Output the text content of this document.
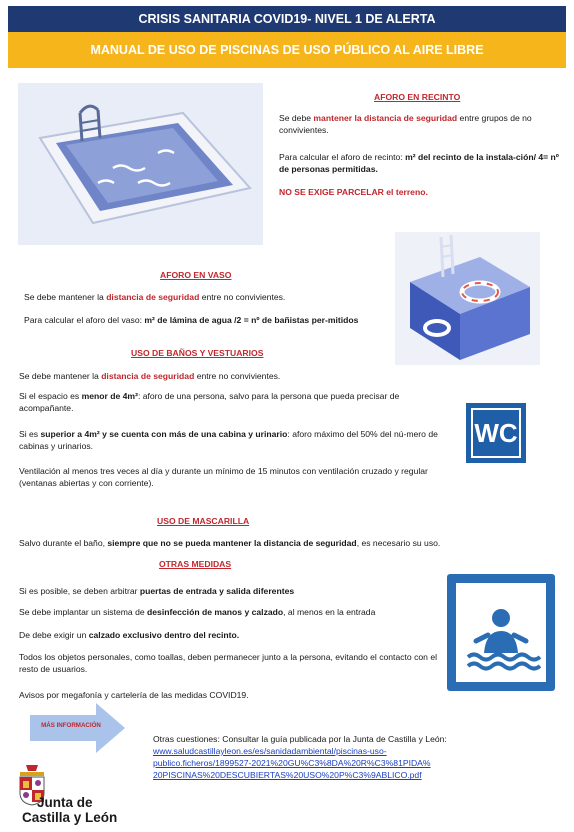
CRISIS SANITARIA COVID19- NIVEL 1 DE ALERTA
MANUAL DE USO DE PISCINAS DE USO PÚBLICO AL AIRE LIBRE
AFORO EN RECINTO

Se debe mantener la distancia de seguridad entre grupos de no convivientes.

Para calcular el aforo de recinto: m² del recinto de la instala-ción/ 4= nº de personas permitidas.

NO SE EXIGE PARCELAR el terreno.

AFORO EN VASO

Se debe mantener la distancia de seguridad entre no convivientes.

Para calcular el aforo del vaso: m² de lámina de agua /2 = nº de bañistas per-mitidos

USO DE BAÑOS Y VESTUARIOS

Se debe mantener la distancia de seguridad entre no convivientes.

Si el espacio es menor de 4m²: aforo de una persona, salvo para la persona que pueda precisar de acompañante.

Si es superior a 4m² y se cuenta con más de una cabina y urinario: aforo máximo del 50% del nú-mero de cabinas y urinarios.

Ventilación al menos tres veces al día y durante un mínimo de 15 minutos con ventilación cruzado y regular (ventanas abiertas y con corriente).

WC
USO DE MASCARILLA

Salvo durante el baño, siempre que no se pueda mantener la distancia de seguridad, es necesario su uso.

OTRAS MEDIDAS

Si es posible, se deben arbitrar puertas de entrada y salida diferentes

Se debe implantar un sistema de desinfección de manos y calzado, al menos en la entrada

De debe exigir un calzado exclusivo dentro del recinto.

Todos los objetos personales, como toallas, deben permanecer junto a la persona, evitando el contacto con el resto de usuarios.

Avisos por megafonía y cartelería de las medidas COVID19.

MÁS INFORMACIÓN

Otras cuestiones: Consultar la guía publicada por la Junta de Castilla y León:

www.saludcastillayleon.es/es/sanidadambiental/piscinas-uso-
publico.ficheros/1899527-2021%20GU%C3%8DA%20R%C3%81PIDA%
20PISCINAS%20DESCUBIERTAS%20USO%20P%C3%9ABLICO.pdf
Junta de
Castilla y León
